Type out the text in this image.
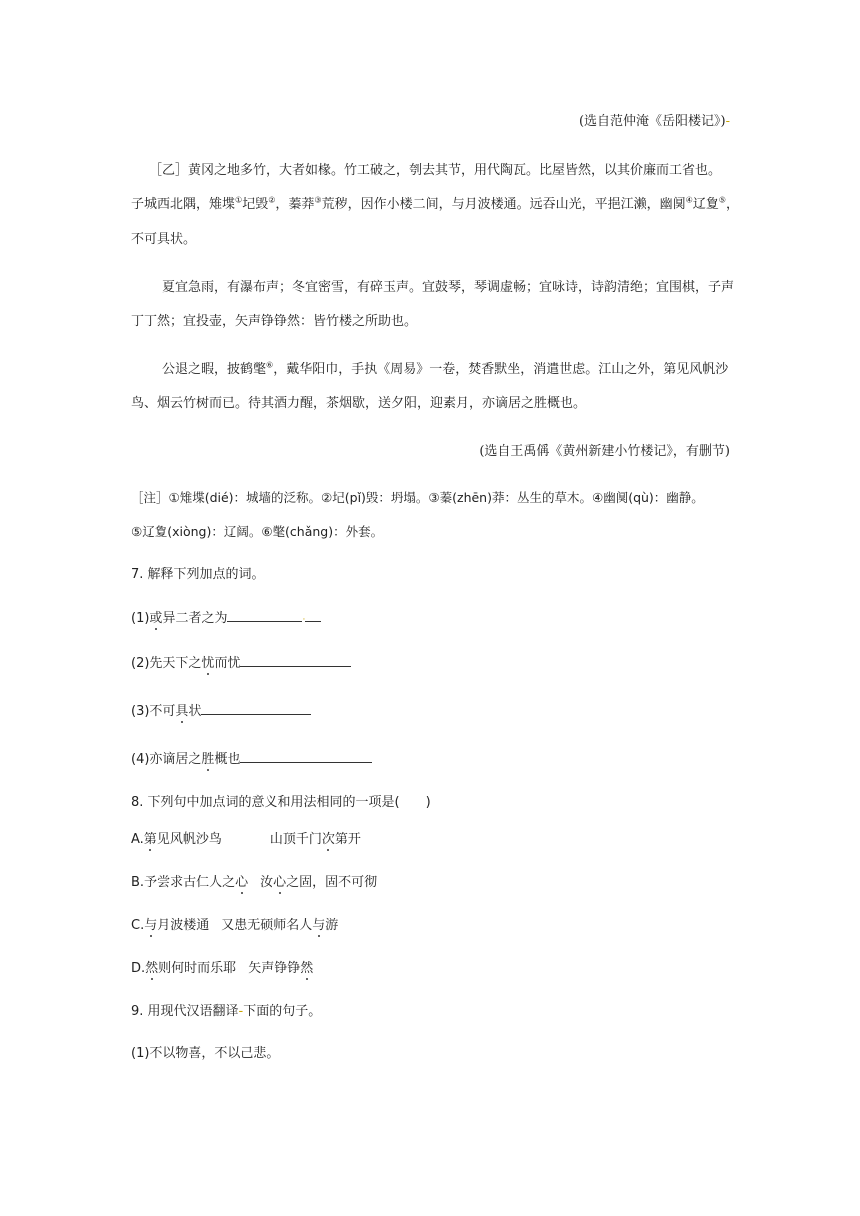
(选自范仲淹《岳阳楼记》)-
［乙］黄冈之地多竹，大者如椽。竹工破之，刳去其节，用代陶瓦。比屋皆然，以其价廉而工省也。
子城西北隅，雉堞①圮毁②，蓁莽③荒秽，因作小楼二间，与月波楼通。远吞山光，平挹江濑，幽阒④辽夐⑤，
不可具状。
夏宜急雨，有瀑布声；冬宜密雪，有碎玉声。宜鼓琴，琴调虚畅；宜咏诗，诗韵清绝；宜围棋，子声
丁丁然；宜投壶，矢声铮铮然：皆竹楼之所助也。
公退之暇，披鹤氅⑥，戴华阳巾，手执《周易》一卷，焚香默坐，消遣世虑。江山之外，第见风帆沙
鸟、烟云竹树而已。待其酒力醒，茶烟歇，送夕阳，迎素月，亦谪居之胜概也。
(选自王禹偁《黄州新建小竹楼记》，有删节)
［注］①雉堞(dié)：城墙的泛称。②圮(pǐ)毁：坍塌。③蓁(zhēn)莽：丛生的草木。④幽阒(qù)：幽静。
⑤辽夐(xiòng)：辽阔。⑥氅(chǎng)：外套。
7. 解释下列加点的词。
(1)或异二者之为	·
(2)先天下之忧而忧
(3)不可具状
(4)亦谪居之胜概也
8. 下列句中加点词的意义和用法相同的一项是(　　)
A.第见风帆沙鸟	山顶千门次第开
B.予尝求古仁人之心 汝心之固，固不可彻
C.与月波楼通 又患无硕师名人与游
D.然则何时而乐耶 矢声铮铮然
9. 用现代汉语翻译-下面的句子。
(1)不以物喜，不以己悲。
